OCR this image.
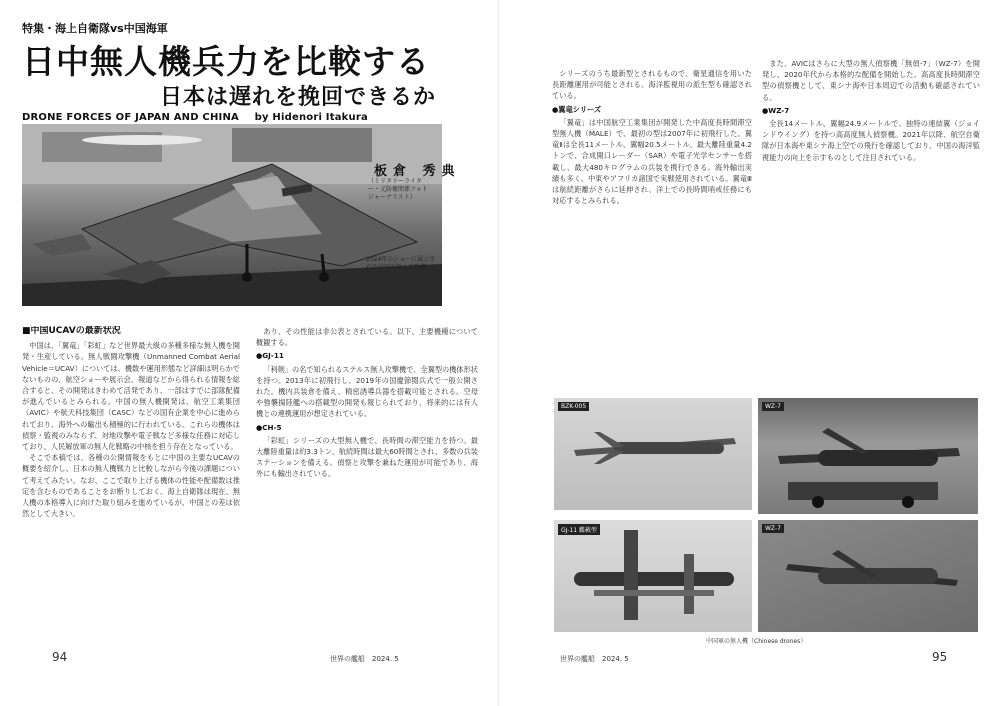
特集・海上自衛隊vs中国海軍
日中無人機兵力を比較する
日本は遅れを挽回できるか
DRONE FORCES OF JAPAN AND CHINA by Hidenori Itakura
板倉 秀典
（ミリタリーライター・元防衛関係フォトジャーナリスト）
2024年のショーに展示された中国の無人攻撃機
■中国UCAVの最新状況

中国は、「翼竜」「彩虹」など世界最大級の多種多様な無人機を開発・生産している。無人戦闘攻撃機（Unmanned Combat Aerial Vehicle＝UCAV）については、機数や運用形態など詳細は明らかでないものの、航空ショーや展示会、報道などから得られる情報を総合すると、その開発はきわめて活発であり、一部はすでに部隊配備が進んでいるとみられる。中国の無人機開発は、航空工業集団（AVIC）や航天科技集団（CASC）などの国有企業を中心に進められており、海外への輸出も積極的に行われている。これらの機体は偵察・監視のみならず、対地攻撃や電子戦など多様な任務に対応しており、人民解放軍の無人化戦略の中核を担う存在となっている。

そこで本稿では、各種の公開情報をもとに中国の主要なUCAVの概要を紹介し、日本の無人機戦力と比較しながら今後の課題について考えてみたい。なお、ここで取り上げる機体の性能や配備数は推定を含むものであることをお断りしておく。海上自衛隊は現在、無人機の本格導入に向けた取り組みを進めているが、中国との差は依然として大きい。

あり、その性能は非公表とされている。以下、主要機種について概観する。

●GJ-11

「利剣」の名で知られるステルス無人攻撃機で、全翼型の機体形状を持つ。2013年に初飛行し、2019年の国慶節閲兵式で一般公開された。機内兵装倉を備え、精密誘導兵器を搭載可能とされる。空母や強襲揚陸艦への搭載型の開発も報じられており、将来的には有人機との連携運用が想定されている。

●CH-5

「彩虹」シリーズの大型無人機で、長時間の滞空能力を持つ。最大離陸重量は約3.3トン、航続時間は最大60時間とされ、多数の兵装ステーションを備える。偵察と攻撃を兼ねた運用が可能であり、海外にも輸出されている。

94	世界の艦船　2024. 5

シリーズのうち最新型とされるもので、衛星通信を用いた長距離運用が可能とされる。海洋監視用の派生型も確認されている。

●翼竜シリーズ

「翼竜」は中国航空工業集団が開発した中高度長時間滞空型無人機（MALE）で、最初の型は2007年に初飛行した。翼竜Ⅱは全長11メートル、翼幅20.5メートル、最大離陸重量4.2トンで、合成開口レーダー（SAR）や電子光学センサーを搭載し、最大480キログラムの兵装を携行できる。海外輸出実績も多く、中東やアフリカ諸国で実戦使用されている。翼竜Ⅲは航続距離がさらに延伸され、洋上での長時間哨戒任務にも対応するとみられる。

また、AVICはさらに大型の無人偵察機「無偵-7」（WZ-7）を開発し、2020年代から本格的な配備を開始した。高高度長時間滞空型の偵察機として、東シナ海や日本周辺での活動も確認されている。

●WZ-7

全長14メートル、翼幅24.9メートルで、独特の連結翼（ジョインドウイング）を持つ高高度無人偵察機。2021年以降、航空自衛隊が日本海や東シナ海上空での飛行を確認しており、中国の海洋監視能力の向上を示すものとして注目されている。

BZK-005	WZ-7
GJ-11 艦載型	WZ-7
中国軍の無人機（Chinese drones）
世界の艦船　2024. 5	95
